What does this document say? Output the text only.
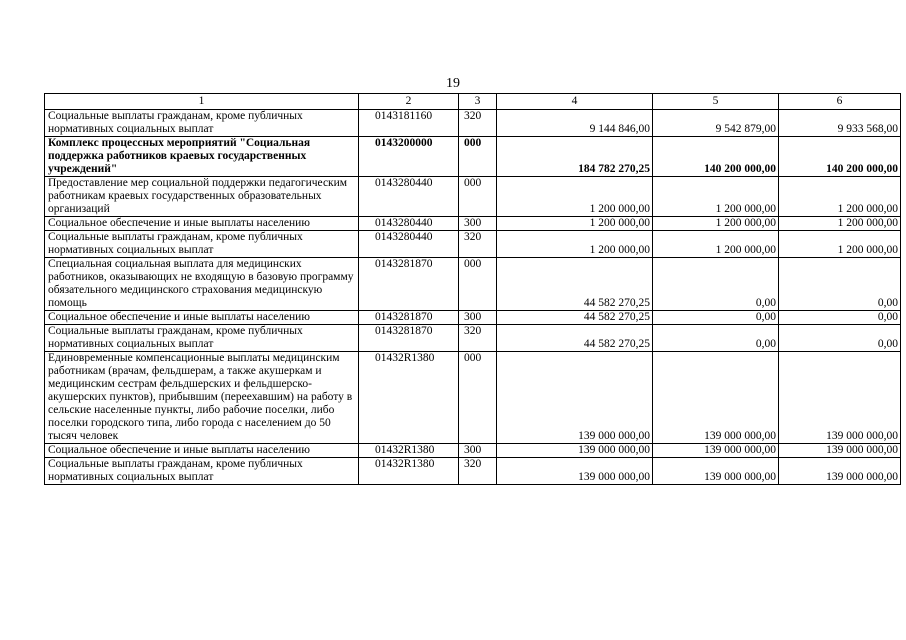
19
1	2	3	4	5	6
Социальные выплаты гражданам, кроме публичных нормативных социальных выплат	0143181160	320	9 144 846,00	9 542 879,00	9 933 568,00
Комплекс процессных мероприятий "Социальная поддержка работников краевых государственных учреждений"	0143200000	000	184 782 270,25	140 200 000,00	140 200 000,00
Предоставление мер социальной поддержки педагогическим работникам краевых государственных образовательных организаций	0143280440	000	1 200 000,00	1 200 000,00	1 200 000,00
Социальное обеспечение и иные выплаты населению	0143280440	300	1 200 000,00	1 200 000,00	1 200 000,00
Социальные выплаты гражданам, кроме публичных нормативных социальных выплат	0143280440	320	1 200 000,00	1 200 000,00	1 200 000,00
Специальная социальная выплата для медицинских работников, оказывающих не входящую в базовую программу обязательного медицинского страхования медицинскую помощь	0143281870	000	44 582 270,25	0,00	0,00
Социальное обеспечение и иные выплаты населению	0143281870	300	44 582 270,25	0,00	0,00
Социальные выплаты гражданам, кроме публичных нормативных социальных выплат	0143281870	320	44 582 270,25	0,00	0,00
Единовременные компенсационные выплаты медицинским работникам (врачам, фельдшерам, а также акушеркам и медицинским сестрам фельдшерских и фельдшерско-акушерских пунктов), прибывшим (переехавшим) на работу в сельские населенные пункты, либо рабочие поселки, либо поселки городского типа, либо города с населением до 50 тысяч человек	01432R1380	000	139 000 000,00	139 000 000,00	139 000 000,00
Социальное обеспечение и иные выплаты населению	01432R1380	300	139 000 000,00	139 000 000,00	139 000 000,00
Социальные выплаты гражданам, кроме публичных нормативных социальных выплат	01432R1380	320	139 000 000,00	139 000 000,00	139 000 000,00
